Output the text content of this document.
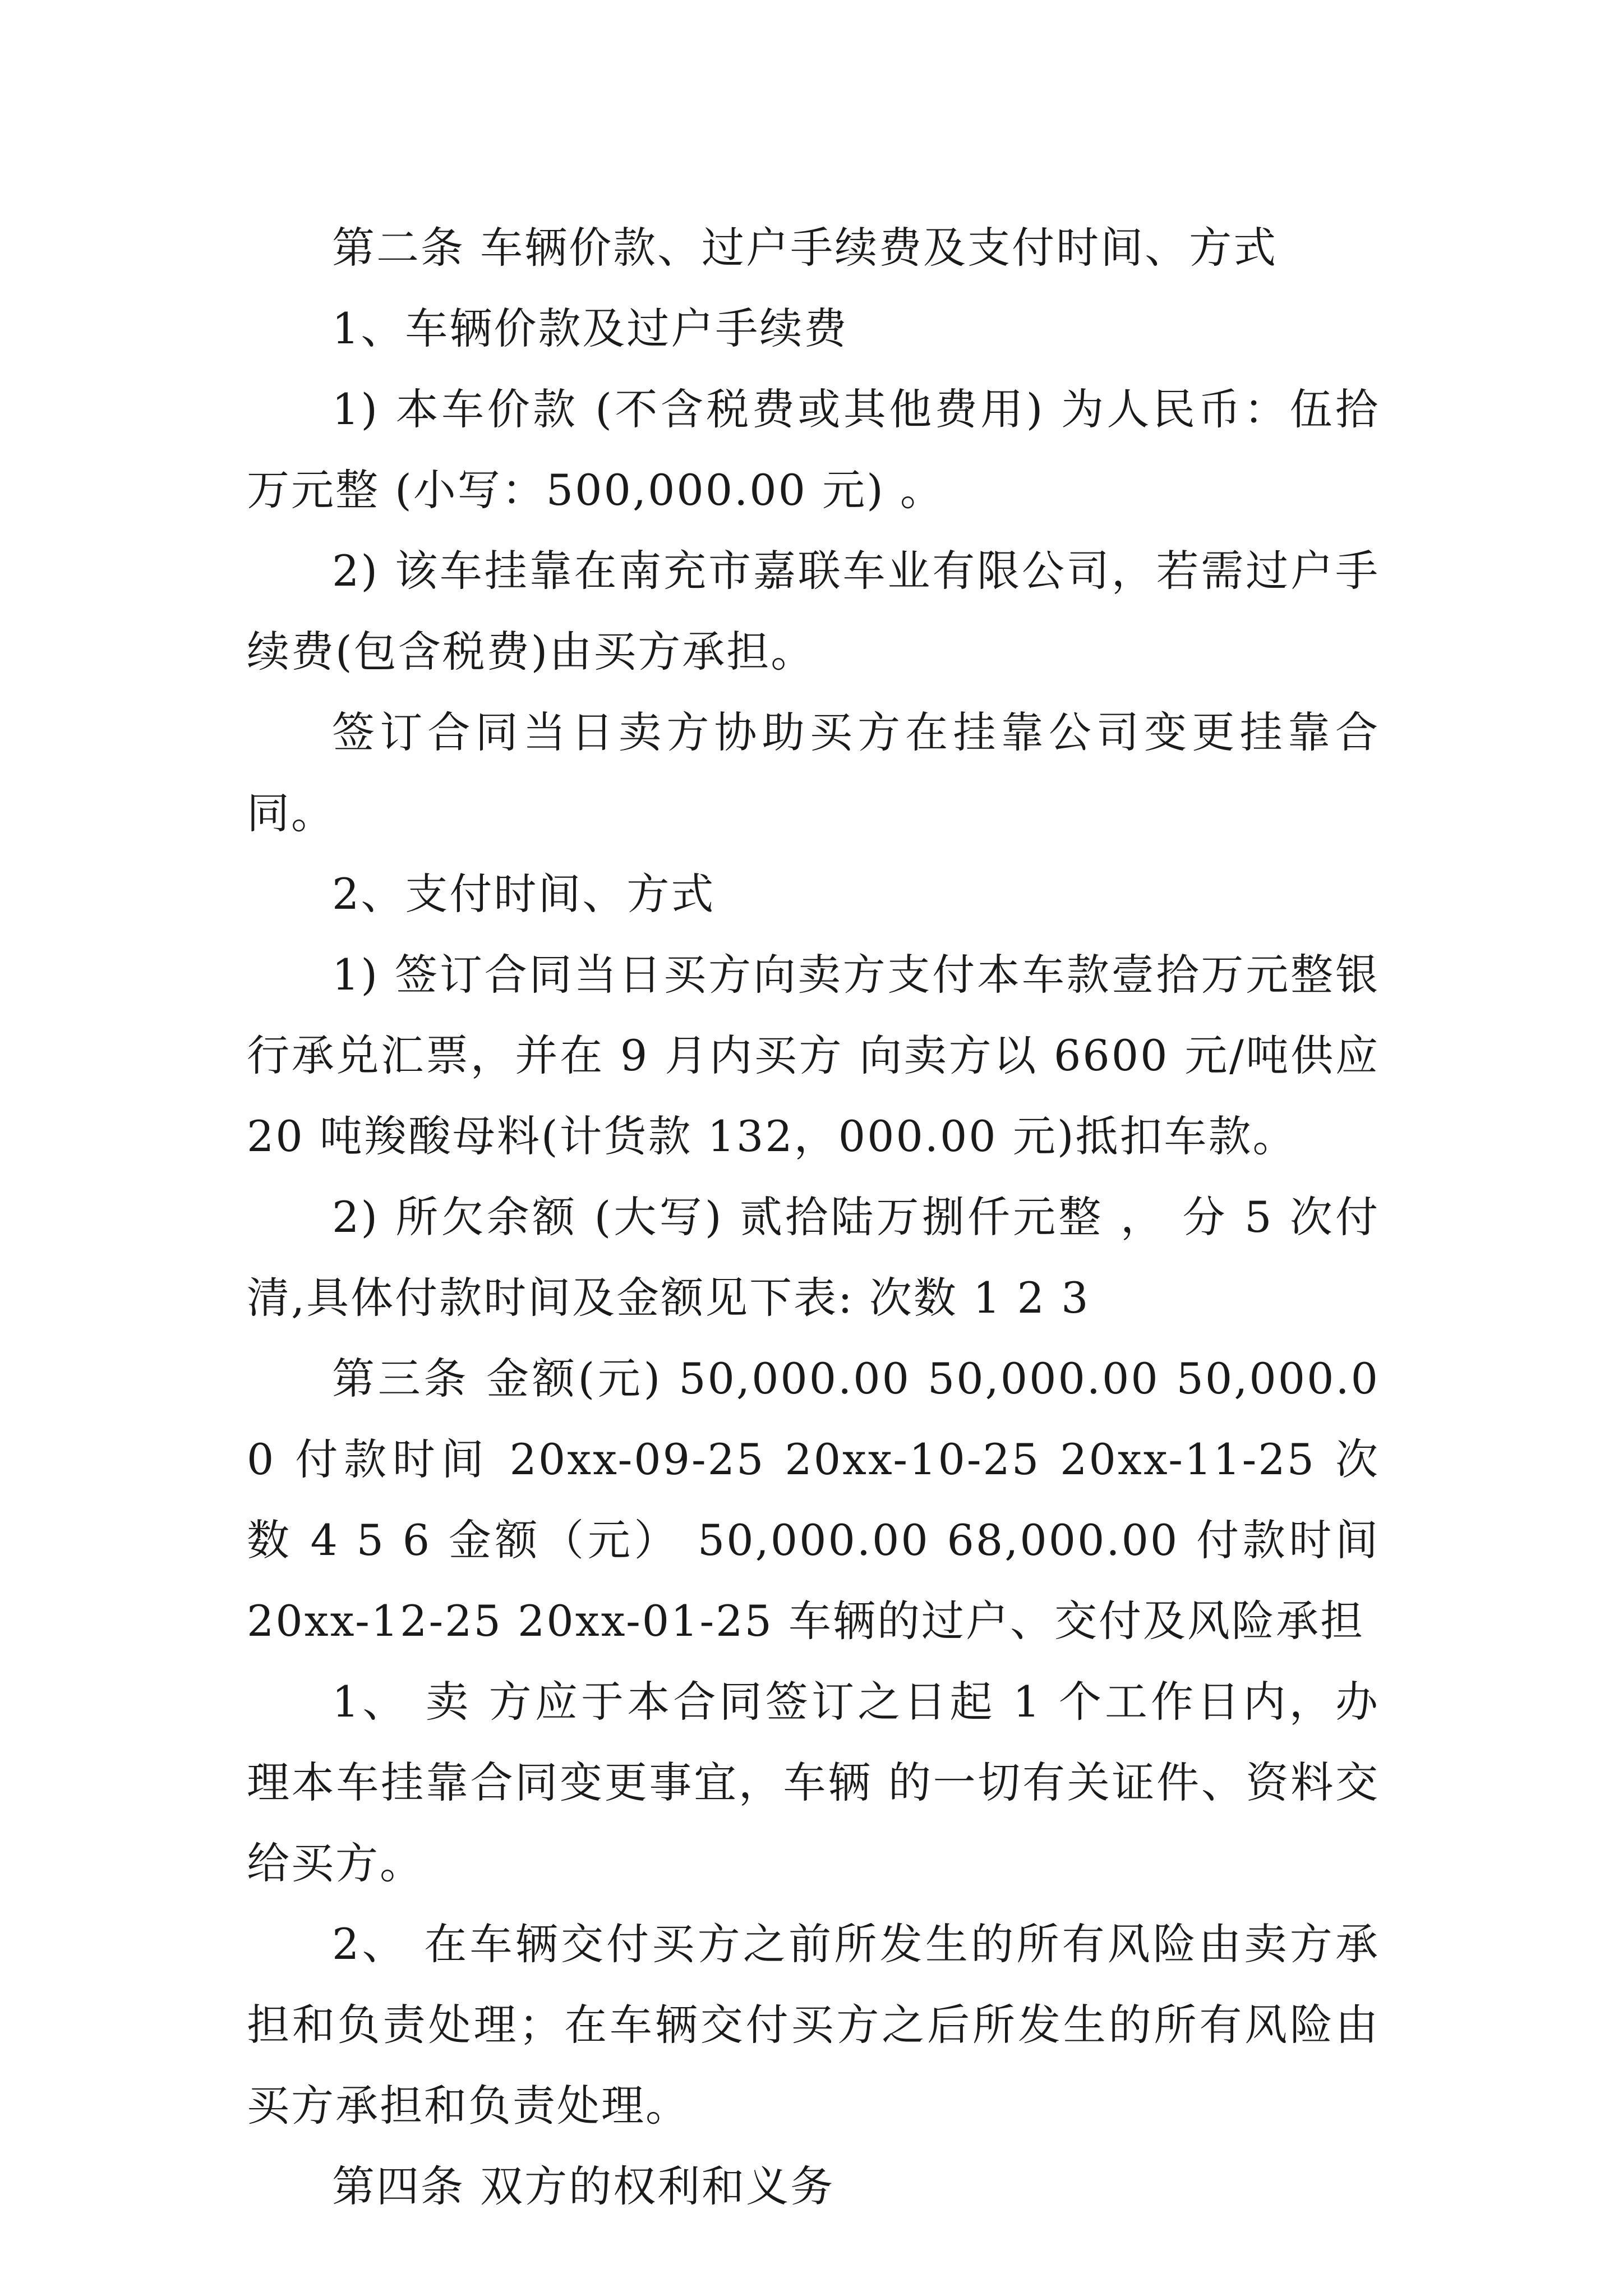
第二条 车辆价款、过户手续费及支付时间、方式

1、车辆价款及过户手续费

1) 本车价款 (不含税费或其他费用) 为人民币：伍拾万元整 (小写：500,000.00 元) 。

2) 该车挂靠在南充市嘉联车业有限公司，若需过户手续费(包含税费)由买方承担。

签订合同当日卖方协助买方在挂靠公司变更挂靠合同。

2、支付时间、方式

1) 签订合同当日买方向卖方支付本车款壹拾万元整银行承兑汇票，并在 9 月内买方 向卖方以 6600 元/吨供应 20 吨羧酸母料(计货款 132，000.00 元)抵扣车款。

2) 所欠余额 (大写) 贰拾陆万捌仟元整 ， 分 5 次付清,具体付款时间及金额见下表: 次数 1 2 3

第三条 金额(元) 50,000.00 50,000.00 50,000.00 付款时间 20xx-09-25 20xx-10-25 20xx-11-25 次数 4 5 6 金额（元） 50,000.00 68,000.00 付款时间 20xx-12-25 20xx-01-25 车辆的过户、交付及风险承担

1、 卖 方应于本合同签订之日起 1 个工作日内，办理本车挂靠合同变更事宜，车辆 的一切有关证件、资料交给买方。

2、 在车辆交付买方之前所发生的所有风险由卖方承担和负责处理；在车辆交付买方之后所发生的所有风险由买方承担和负责处理。

第四条 双方的权利和义务
